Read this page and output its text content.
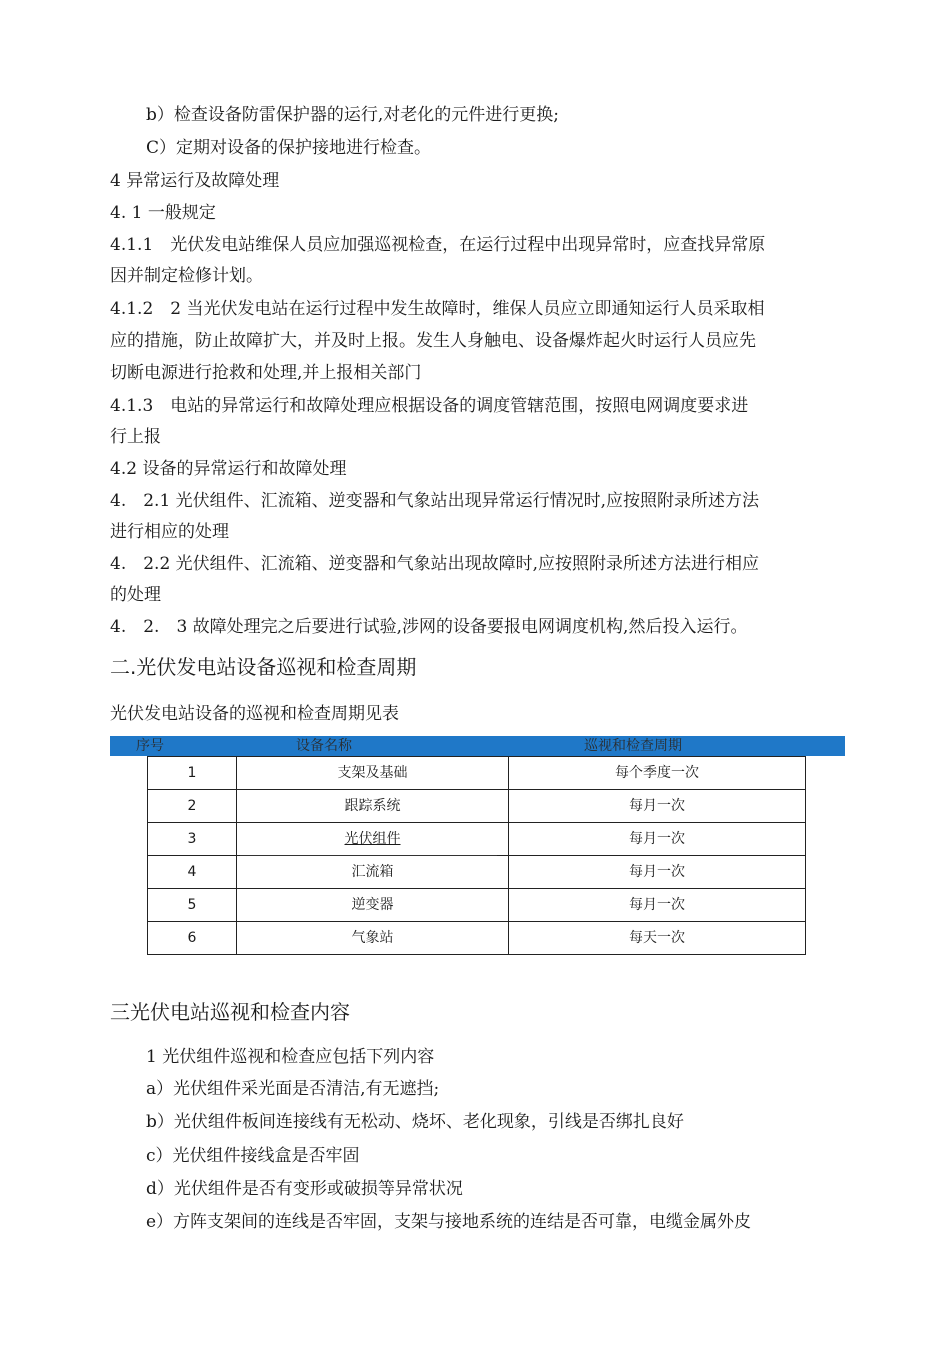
b）检查设备防雷保护器的运行,对老化的元件进行更换;
C）定期对设备的保护接地进行检查。
4 异常运行及故障处理
4. 1 一般规定
4.1.1　光伏发电站维保人员应加强巡视检查，在运行过程中出现异常时，应查找异常原
因并制定检修计划。
4.1.2　2 当光伏发电站在运行过程中发生故障时，维保人员应立即通知运行人员采取相
应的措施，防止故障扩大，并及时上报。发生人身触电、设备爆炸起火时运行人员应先
切断电源进行抢救和处理,并上报相关部门
4.1.3　电站的异常运行和故障处理应根据设备的调度管辖范围，按照电网调度要求进
行上报
4.2 设备的异常运行和故障处理
4.　2.1 光伏组件、汇流箱、逆变器和气象站出现异常运行情况时,应按照附录所述方法
进行相应的处理
4.　2.2 光伏组件、汇流箱、逆变器和气象站出现故障时,应按照附录所述方法进行相应
的处理
4.　2.　3 故障处理完之后要进行试验,涉网的设备要报电网调度机构,然后投入运行。
二.光伏发电站设备巡视和检查周期
光伏发电站设备的巡视和检查周期见表
序号	设备名称	巡视和检查周期
1	支架及基础	每个季度一次
2	跟踪系统	每月一次
3	光伏组件	每月一次
4	汇流箱	每月一次
5	逆变器	每月一次
6	气象站	每天一次
三光伏电站巡视和检查内容
1 光伏组件巡视和检查应包括下列内容
a）光伏组件采光面是否清洁,有无遮挡;
b）光伏组件板间连接线有无松动、烧坏、老化现象，引线是否绑扎良好
c）光伏组件接线盒是否牢固
d）光伏组件是否有变形或破损等异常状况
e）方阵支架间的连线是否牢固，支架与接地系统的连结是否可靠，电缆金属外皮
